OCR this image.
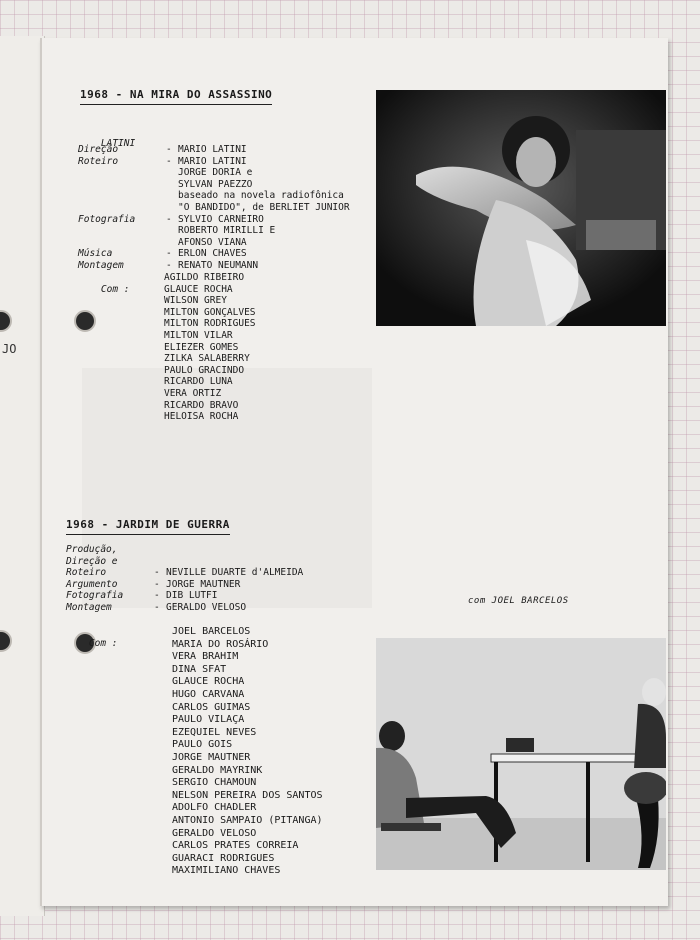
JO
1968 - NA MIRA DO ASSASSINO

LATINI

Direção	- MARIO LATINI
Roteiro	- MARIO LATINI
JORGE DORIA e
SYLVAN PAEZZO
baseado na novela radiofônica
"O BANDIDO", de BERLIET JUNIOR
Fotografia	- SYLVIO CARNEIRO
ROBERTO MIRILLI E
AFONSO VIANA
Música	- ERLON CHAVES
Montagem	- RENATO NEUMANN

Com :

AGILDO RIBEIRO
GLAUCE ROCHA
WILSON GREY
MILTON GONÇALVES
MILTON RODRIGUES
MILTON VILAR
ELIEZER GOMES
ZILKA SALABERRY
PAULO GRACINDO
RICARDO LUNA
VERA ORTIZ
RICARDO BRAVO
HELOISA ROCHA
1968 - JARDIM DE GUERRA
Produção,
Direção e
Roteiro	- NEVILLE DUARTE d'ALMEIDA
Argumento	- JORGE MAUTNER
Fotografia	- DIB LUTFI
Montagem	- GERALDO VELOSO

Com :

JOEL BARCELOS
MARIA DO ROSÁRIO
VERA BRAHIM
DINA SFAT
GLAUCE ROCHA
HUGO CARVANA
CARLOS GUIMAS
PAULO VILAÇA
EZEQUIEL NEVES
PAULO GOIS
JORGE MAUTNER
GERALDO MAYRINK
SERGIO CHAMOUN
NELSON PEREIRA DOS SANTOS
ADOLFO CHADLER
ANTONIO SAMPAIO (PITANGA)
GERALDO VELOSO
CARLOS PRATES CORREIA
GUARACI RODRIGUES
MAXIMILIANO CHAVES
com JOEL BARCELOS
